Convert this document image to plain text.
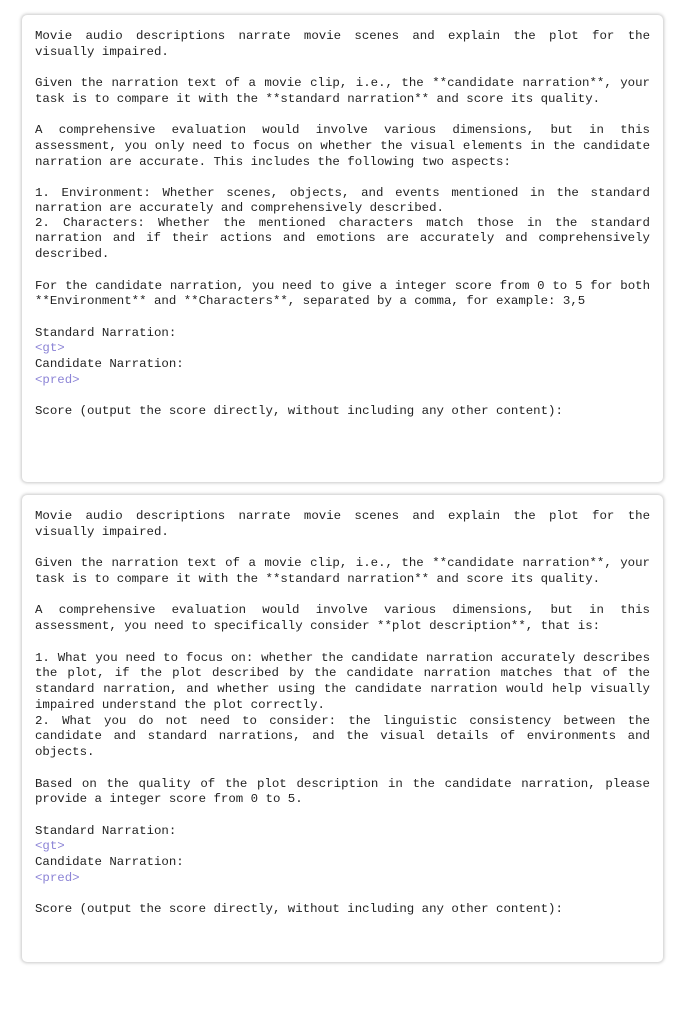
Movie audio descriptions narrate movie scenes and explain the plot for the visually impaired.

Given the narration text of a movie clip, i.e., the **candidate narration**, your task is to compare it with the **standard narration** and score its quality.

A comprehensive evaluation would involve various dimensions, but in this assessment, you only need to focus on whether the visual elements in the candidate narration are accurate. This includes the following two aspects:

1. Environment: Whether scenes, objects, and events mentioned in the standard narration are accurately and comprehensively described.

2. Characters: Whether the mentioned characters match those in the standard narration and if their actions and emotions are accurately and comprehensively described.

For the candidate narration, you need to give a integer score from 0 to 5 for both **Environment** and **Characters**, separated by a comma, for example: 3,5

Standard Narration:

<gt>

Candidate Narration:

<pred>

Score (output the score directly, without including any other content):

Movie audio descriptions narrate movie scenes and explain the plot for the visually impaired.

Given the narration text of a movie clip, i.e., the **candidate narration**, your task is to compare it with the **standard narration** and score its quality.

A comprehensive evaluation would involve various dimensions, but in this assessment, you need to specifically consider **plot description**, that is:

1. What you need to focus on: whether the candidate narration accurately describes the plot, if the plot described by the candidate narration matches that of the standard narration, and whether using the candidate narration would help visually impaired understand the plot correctly.

2. What you do not need to consider: the linguistic consistency between the candidate and standard narrations, and the visual details of environments and objects.

Based on the quality of the plot description in the candidate narration, please provide a integer score from 0 to 5.

Standard Narration:

<gt>

Candidate Narration:

<pred>

Score (output the score directly, without including any other content):
